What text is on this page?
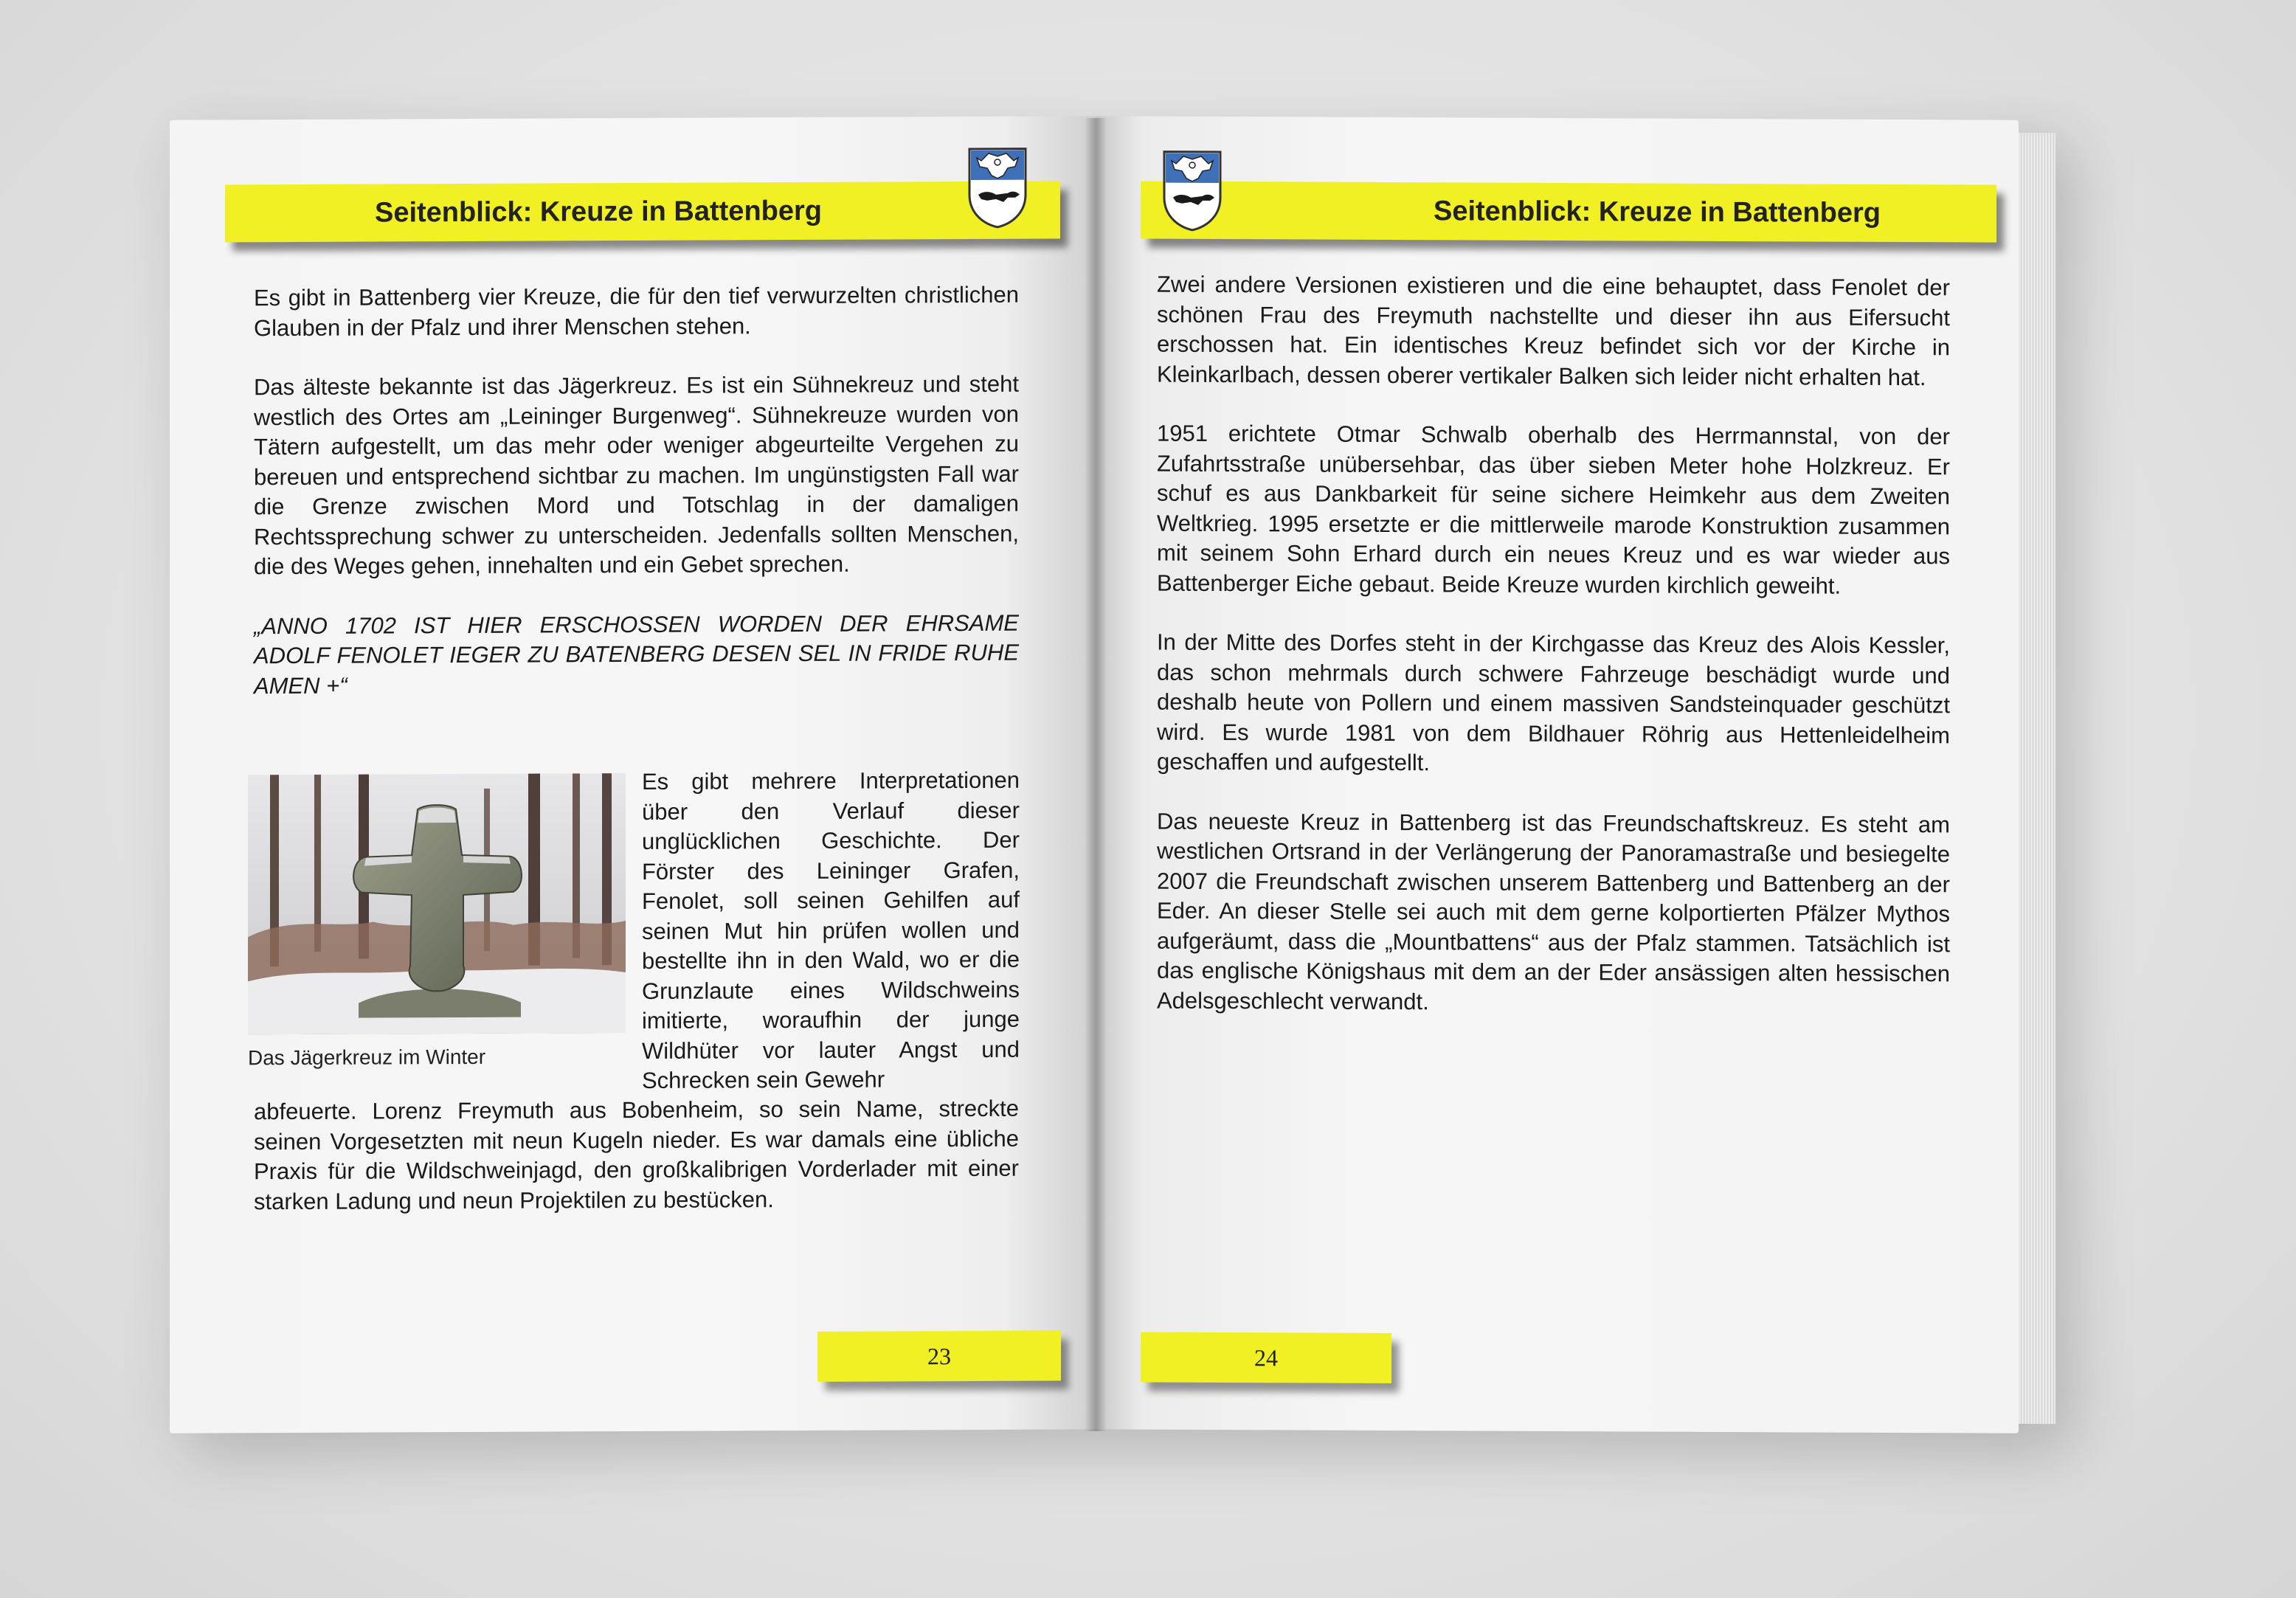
Seitenblick: Kreuze in Battenberg

Es gibt in Battenberg vier Kreuze, die für den tief verwurzelten christlichen Glauben in der Pfalz und ihrer Menschen stehen.

Das älteste bekannte ist das Jägerkreuz. Es ist ein Sühnekreuz und steht westlich des Ortes am „Leininger Burgenweg“. Sühnekreuze wurden von Tätern aufgestellt, um das mehr oder weniger abgeurteilte Vergehen zu bereuen und entsprechend sichtbar zu machen. Im ungünstigsten Fall war die Grenze zwischen Mord und Totschlag in der damaligen Rechtssprechung schwer zu unterscheiden. Jedenfalls sollten Menschen, die des Weges gehen, innehalten und ein Gebet sprechen.

„ANNO 1702 IST HIER ERSCHOSSEN WORDEN DER EHRSAME ADOLF FENOLET IEGER ZU BATENBERG DESEN SEL IN FRIDE RUHE AMEN +“

Das Jägerkreuz im Winter
Es gibt mehrere Interpretationen über den Verlauf dieser unglücklichen Geschichte. Der Förster des Leininger Grafen, Fenolet, soll seinen Gehilfen auf seinen Mut hin prüfen wollen und bestellte ihn in den Wald, wo er die Grunzlaute eines Wildschweins imitierte, woraufhin der junge Wildhüter vor lauter Angst und Schrecken sein Gewehr
abfeuerte. Lorenz Freymuth aus Bobenheim, so sein Name, streckte seinen Vorgesetzten mit neun Kugeln nieder. Es war damals eine übliche Praxis für die Wildschweinjagd, den großkalibrigen Vorderlader mit einer starken Ladung und neun Projektilen zu bestücken.
23
Seitenblick: Kreuze in Battenberg

Zwei andere Versionen existieren und die eine behauptet, dass Fenolet der schönen Frau des Freymuth nachstellte und dieser ihn aus Eifersucht erschossen hat. Ein identisches Kreuz befindet sich vor der Kirche in Kleinkarlbach, dessen oberer vertikaler Balken sich leider nicht erhalten hat.

1951 erichtete Otmar Schwalb oberhalb des Herrmannstal, von der Zufahrtsstraße unübersehbar, das über sieben Meter hohe Holzkreuz. Er schuf es aus Dankbarkeit für seine sichere Heimkehr aus dem Zweiten Weltkrieg. 1995 ersetzte er die mittlerweile marode Konstruktion zusammen mit seinem Sohn Erhard durch ein neues Kreuz und es war wieder aus Battenberger Eiche gebaut. Beide Kreuze wurden kirchlich geweiht.

In der Mitte des Dorfes steht in der Kirchgasse das Kreuz des Alois Kessler, das schon mehrmals durch schwere Fahrzeuge beschädigt wurde und deshalb heute von Pollern und einem massiven Sandsteinquader geschützt wird. Es wurde 1981 von dem Bildhauer Röhrig aus Hettenleidelheim geschaffen und aufgestellt.

Das neueste Kreuz in Battenberg ist das Freundschaftskreuz. Es steht am westlichen Ortsrand in der Verlängerung der Panoramastraße und besiegelte 2007 die Freundschaft zwischen unserem Battenberg und Battenberg an der Eder. An dieser Stelle sei auch mit dem gerne kolportierten Pfälzer Mythos aufgeräumt, dass die „Mountbattens“ aus der Pfalz stammen. Tatsächlich ist das englische Königshaus mit dem an der Eder ansässigen alten hessischen Adelsgeschlecht verwandt.

24
